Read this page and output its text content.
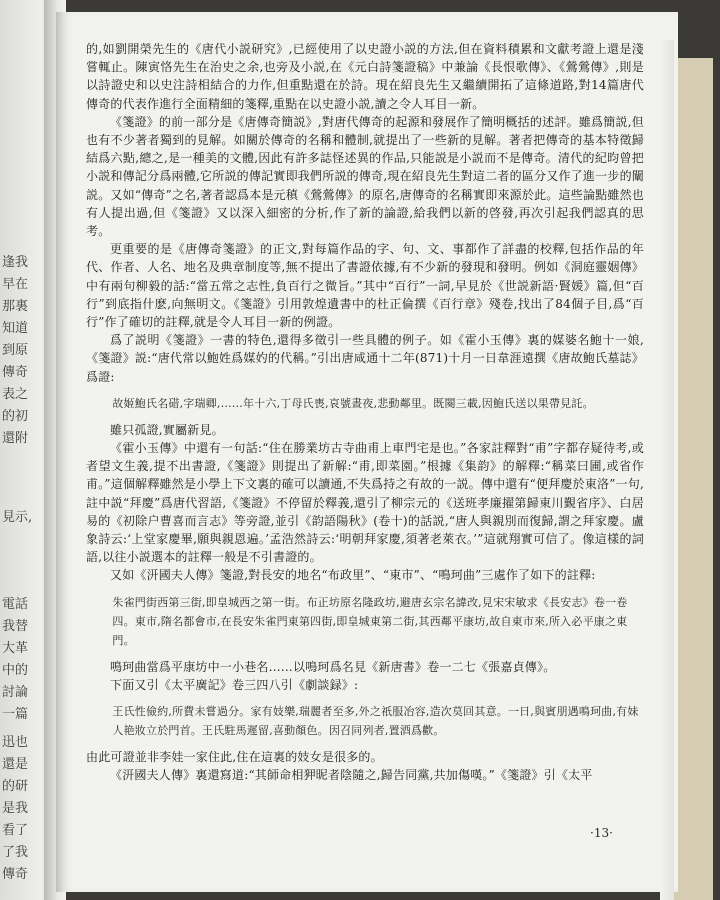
逢我
早在
那裏
知道
到原
傳奇
表之
的初
還附
見示,
電話
我替
大革
中的
討論
一篇
迅也
還是
的研
是我
看了
了我
傳奇

的,如劉開榮先生的《唐代小説研究》,已經使用了以史證小説的方法,但在資料積累和文獻考證上還是淺嘗輒止。陳寅恪先生在治史之余,也旁及小説,在《元白詩箋證稿》中兼論《長恨歌傳》、《鶯鶯傳》,則是以詩證史和以史注詩相結合的力作,但重點還在於詩。現在紹良先生又繼續開拓了這條道路,對14篇唐代傳奇的代表作進行全面精細的箋釋,重點在以史證小説,讀之令人耳目一新。

《箋證》的前一部分是《唐傳奇簡説》,對唐代傳奇的起源和發展作了簡明概括的述評。雖爲簡説,但也有不少著者獨到的見解。如關於傳奇的名稱和體制,就提出了一些新的見解。著者把傳奇的基本特徵歸結爲六點,總之,是一種美的文體,因此有許多誌怪述異的作品,只能説是小説而不是傳奇。清代的紀昀曾把小説和傳記分爲兩體,它所説的傳記實即我們所説的傳奇,現在紹良先生對這二者的區分又作了進一步的闡説。又如“傳奇”之名,著者認爲本是元稹《鶯鶯傳》的原名,唐傳奇的名稱實即來源於此。這些論點雖然也有人提出過,但《箋證》又以深入細密的分析,作了新的論證,給我們以新的啓發,再次引起我們認真的思考。

更重要的是《唐傳奇箋證》的正文,對每篇作品的字、句、文、事都作了詳盡的校釋,包括作品的年代、作者、人名、地名及典章制度等,無不提出了書證依據,有不少新的發現和發明。例如《洞庭靈姻傳》中有兩句柳毅的話:“當五常之志性,負百行之微旨。”其中“百行”一詞,早見於《世説新語·賢媛》篇,但“百行”到底指什麽,向無明文。《箋證》引用敦煌遺書中的杜正倫撰《百行章》殘卷,找出了84個子目,爲“百行”作了確切的註釋,就是令人耳目一新的例證。

爲了説明《箋證》一書的特色,還得多徵引一些具體的例子。如《霍小玉傳》裏的媒婆名鮑十一娘,《箋證》説:“唐代常以鮑姓爲媒妁的代稱。”引出唐咸通十二年(871)十月一日韋涯遠撰《唐故鮑氏墓誌》爲證:

故姬鮑氏名碏,字瑞卿,……年十六,丁母氏喪,哀號晝夜,悲動鄰里。既闋三載,因鮑氏送以果帶見託。

雖只孤證,實屬新見。

《霍小玉傳》中還有一句話:“住在勝業坊古寺曲甫上車門宅是也。”各家註釋對“甫”字都存疑待考,或者望文生義,提不出書證,《箋證》則提出了新解:“甫,即菜園。”根據《集韵》的解釋:“稱菜曰圃,或省作甫。”這個解釋雖然是小學上下文裏的確可以讀通,不失爲持之有故的一説。傳中還有“便拜慶於東洛”一句,註中説“拜慶”爲唐代習語,《箋證》不停留於釋義,還引了柳宗元的《送班孝廉擢第歸東川覲省序》、白居易的《初除户曹喜而言志》等旁證,並引《韵語陽秋》(卷十)的話説,“唐人與親別而復歸,謂之拜家慶。盧象詩云:‘上堂家慶畢,願與親恩遍。’孟浩然詩云:‘明朝拜家慶,須著老萊衣。’”這就翔實可信了。像這樣的詞語,以往小説選本的註釋一般是不引書證的。

又如《汧國夫人傳》箋證,對長安的地名“布政里”、“東市”、“鳴珂曲”三處作了如下的註釋:

朱雀門街西第三街,即皇城西之第一街。布正坊原名隆政坊,避唐玄宗名諱改,見宋宋敏求《長安志》卷一卷四。東市,隋名都會市,在長安朱雀門東第四街,即皇城東第二街,其西鄰平康坊,故自東市來,所入必平康之東門。

鳴珂曲當爲平康坊中一小巷名……以鳴珂爲名見《新唐書》卷一二七《張嘉貞傳》。

下面又引《太平廣記》卷三四八引《劇談録》:

王氏性儉約,所費未嘗過分。家有妓樂,瑞麗者至多,外之祇服冶容,造次莫回其意。一日,與賓朋遇鳴珂曲,有妹人艳妝立於門首。王氏駐馬遲留,喜動顏色。因召同列者,置酒爲歡。

由此可證並非李娃一家住此,住在這裏的妓女是很多的。

《汧國夫人傳》裏還寫道:“其師命相狎昵者陰隨之,歸告同黨,共加傷嘆。”《箋證》引《太平

·13·
